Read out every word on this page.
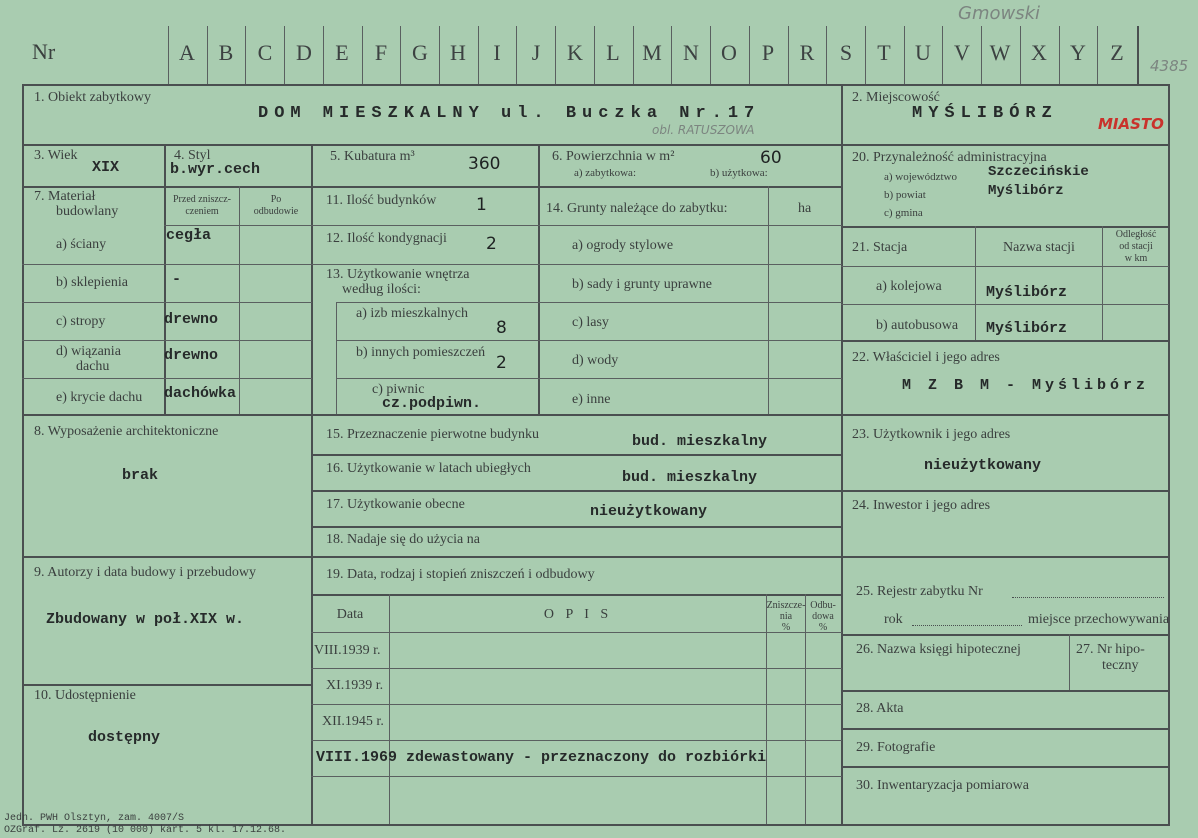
Nr	A	B	C	D	E	F	G	H	I	J	K	L	M N	O	P	R	S	T	U	V W X	Y	Z
Gmowski
4385
1. Obiekt zabytkowy
DOM MIESZKALNY ul. Buczka Nr.17
obl. RATUSZOWA
2. Miejscowość
MYŚLIBÓRZ
MIASTO
3. Wiek
XIX
4. Styl
b.wyr.cech
5. Kubatura m³	360	6. Powierzchnia w m²
a) zabytkowa:	b) użytkowa:
60	20. Przynależność administracyjna
a) województwo Szczecińskie
b) powiat	Myślibórz
c) gmina
7. Materiał
budowlany
Przed zniszcz-
czeniem
Po
odbudowie
a) ściany
cegła
b) sklepienia	-
c) stropy	drewno
d) wiązania
dachu
drewno
e) krycie dachu dachówka
11. Ilość budynków 1
12. Ilość kondygnacji 2
13. Użytkowanie wnętrza
według ilości:
a) izb mieszkalnych
8
b) innych pomieszczeń
2
c) piwnic
cz.podpiwn.
14. Grunty należące do zabytku:	ha
a) ogrody stylowe
b) sady i grunty uprawne
c) lasy
d) wody
e) inne
21. Stacja	Nazwa stacji
Odległość
od stacji
w km
a) kolejowa	Myślibórz
b) autobusowa Myślibórz
22. Właściciel i jego adres
M Z B M - Myślibórz
8. Wyposażenie architektoniczne
brak
15. Przeznaczenie pierwotne budynku	bud. mieszkalny
16. Użytkowanie w latach ubiegłych
bud. mieszkalny
17. Użytkowanie obecne	nieużytkowany
18. Nadaje się do użycia na
23. Użytkownik i jego adres
nieużytkowany
24. Inwestor i jego adres
9. Autorzy i data budowy i przebudowy
Zbudowany w poł.XIX w.
19. Data, rodzaj i stopień zniszczeń i odbudowy
Data	O P I S
Zniszcze-
nia
%
Odbu-
dowa
%
VIII.1939 r.
XI.1939 r.
XII.1945 r.
VIII.1969 zdewastowany - przeznaczony do rozbiórki
25. Rejestr zabytku Nr
rok	miejsce przechowywania
26. Nazwa księgi hipotecznej	27. Nr hipo-
teczny
28. Akta
29. Fotografie
30. Inwentaryzacja pomiarowa
10. Udostępnienie
dostępny
Jedn. PWH Olsztyn, zam. 4007/S
OZGraf. Lz. 2619 (10 000) kart. 5 kl. 17.12.68.
